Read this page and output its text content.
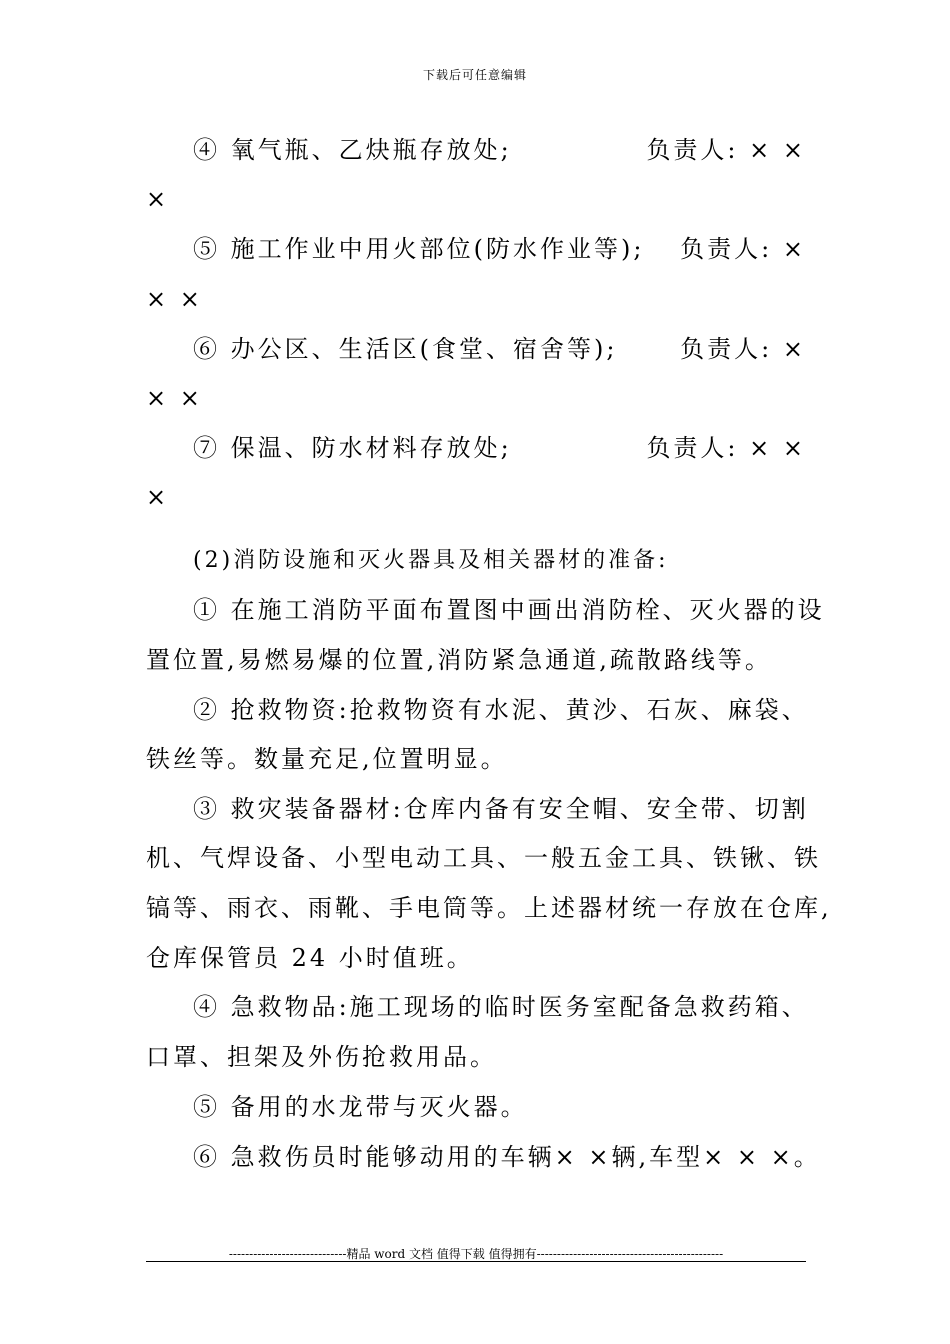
下载后可任意编辑
④ 氧气瓶、乙炔瓶存放处;	负责人: × ×
×
⑤ 施工作业中用火部位(防水作业等); 负责人: ×
× ×
⑥ 办公区、生活区(食堂、宿舍等);	负责人: ×
× ×
⑦ 保温、防水材料存放处;	负责人: × ×
×
(2)消防设施和灭火器具及相关器材的准备:
① 在施工消防平面布置图中画出消防栓、灭火器的设
置位置,易燃易爆的位置,消防紧急通道,疏散路线等。
② 抢救物资:抢救物资有水泥、黄沙、石灰、麻袋、
铁丝等。数量充足,位置明显。
③ 救灾装备器材:仓库内备有安全帽、安全带、切割
机、气焊设备、小型电动工具、一般五金工具、铁锹、铁
镐等、雨衣、雨靴、手电筒等。上述器材统一存放在仓库,
仓库保管员 24 小时值班。
④ 急救物品:施工现场的临时医务室配备急救药箱、
口罩、担架及外伤抢救用品。
⑤ 备用的水龙带与灭火器。
⑥ 急救伤员时能够动用的车辆× ×辆,车型× × ×。
-----------------------------精品 word 文档 值得下载 值得拥有----------------------------------------------
